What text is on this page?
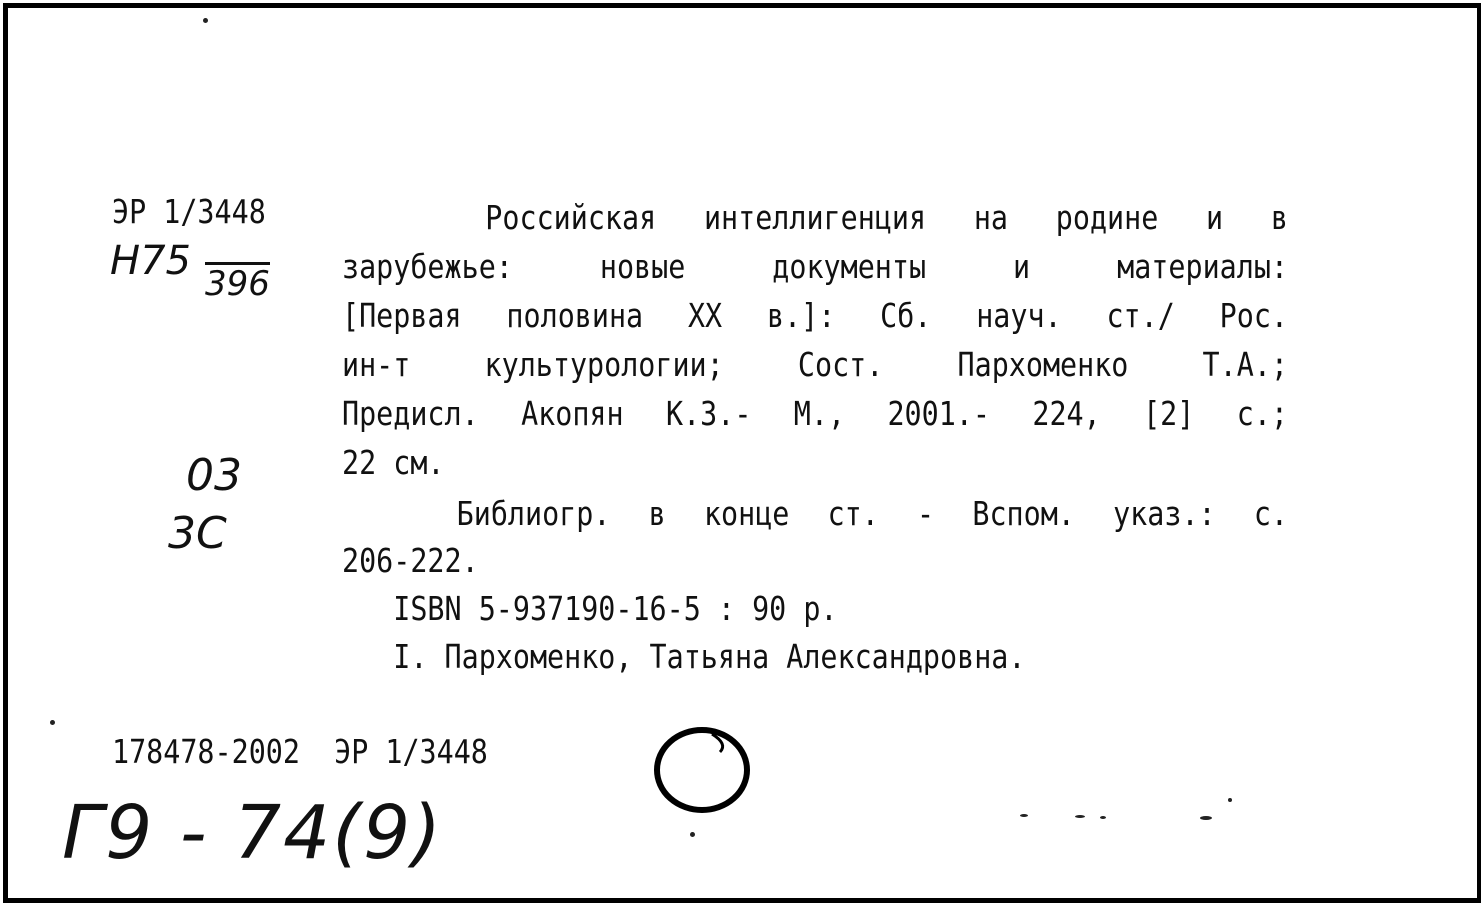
ЭР 1/3448
Н75 396
03
3С
Российская интеллигенция на родине и в
зарубежье: новые документы и материалы:
[Первая половина XX в.]: Сб. науч. ст./ Рос.
ин-т культурологии; Сост. Пархоменко Т.А.;
Предисл. Акопян К.З.- М., 2001.- 224, [2] с.;
22 см.
Библиогр. в конце ст. - Вспом. указ.: с.
206-222.
ISBN 5-937190-16-5 : 90 р.
I. Пархоменко, Татьяна Александровна.
178478-2002  ЭР 1/3448
Г9 - 74(9)
